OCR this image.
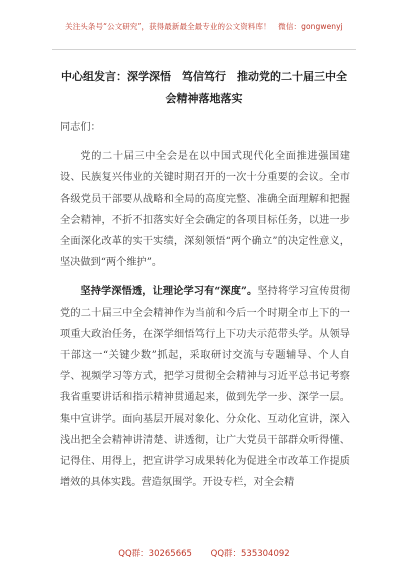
关注头条号“公文研究”，获得最新最全最专业的公文资料库！　微信：gongwenyj
中心组发言：深学深悟　笃信笃行　推动党的二十届三中全会精神落地落实

同志们：

党的二十届三中全会是在以中国式现代化全面推进强国建设、民族复兴伟业的关键时期召开的一次十分重要的会议。全市各级党员干部要从战略和全局的高度完整、准确全面理解和把握全会精神，不折不扣落实好全会确定的各项目标任务，以进一步全面深化改革的实干实绩，深刻领悟“两个确立”的决定性意义，坚决做到“两个维护”。

坚持学深悟透，让理论学习有“深度”。坚持将学习宣传贯彻党的二十届三中全会精神作为当前和今后一个时期全市上下的一项重大政治任务，在深学细悟笃行上下功夫示范带头学。从领导干部这一“关键少数”抓起，采取研讨交流与专题辅导、个人自学、视频学习等方式，把学习贯彻全会精神与习近平总书记考察我省重要讲话和指示精神贯通起来，做到先学一步、深学一层。集中宣讲学。面向基层开展对象化、分众化、互动化宣讲，深入浅出把全会精神讲清楚、讲透彻，让广大党员干部群众听得懂、记得住、用得上，把宣讲学习成果转化为促进全市改革工作提质增效的具体实践。营造氛围学。开设专栏，对全会精

QQ群：30265665 QQ群：535304092
